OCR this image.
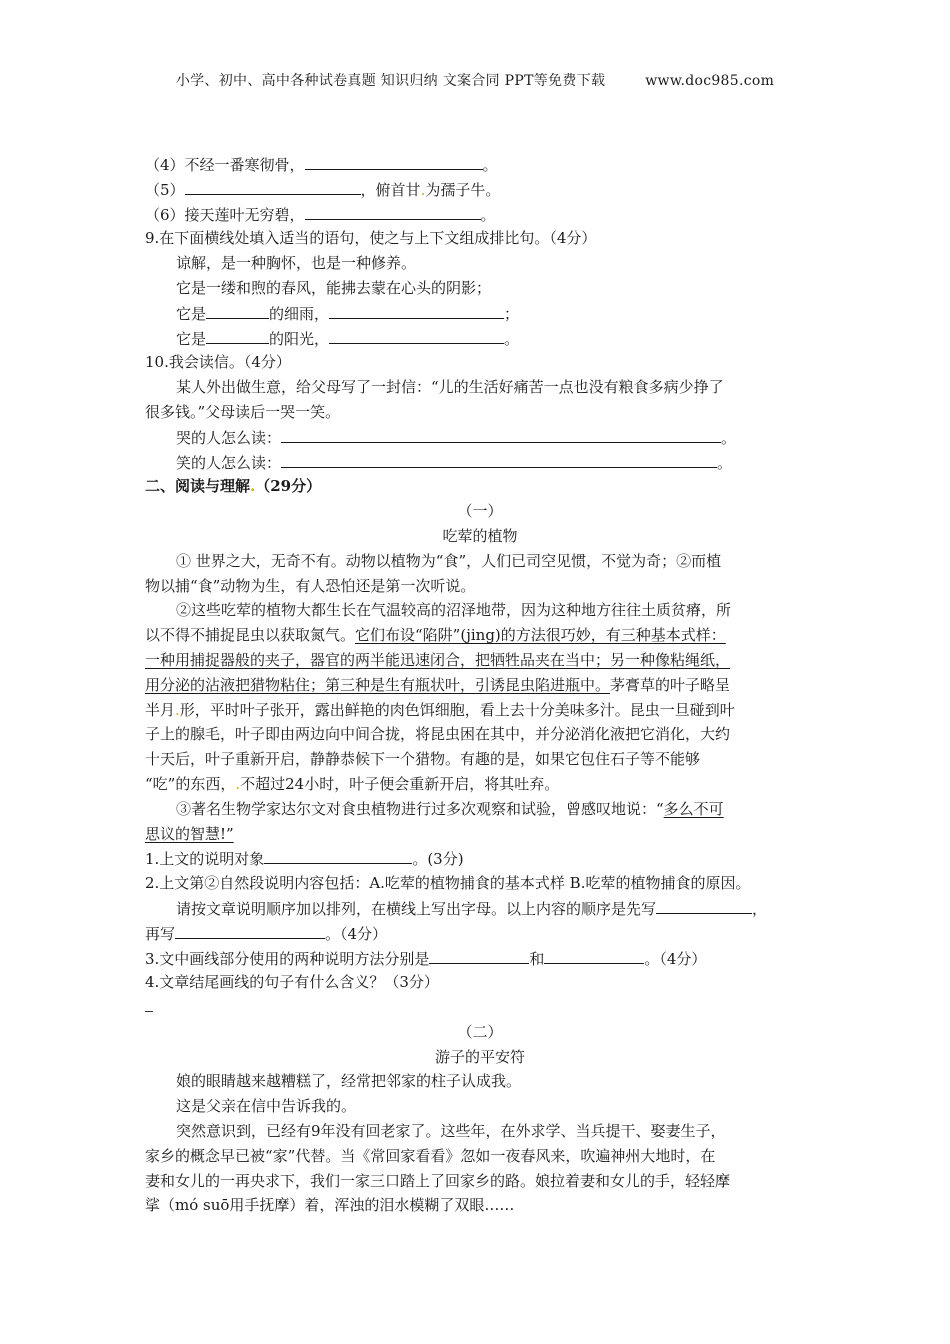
小学、初中、高中各种试卷真题 知识归纳 文案合同 PPT等免费下载	www.doc985.com
（4）不经一番寒彻骨，	。
（5）	，俯首甘.为孺子牛。
（6）接天莲叶无穷碧，	。
9.在下面横线处填入适当的语句，使之与上下文组成排比句。（4分）
谅解，是一种胸怀，也是一种修养。
它是一缕和煦的春风，能拂去蒙在心头的阴影；
它是	的细雨，	；
它是	的阳光，	。
10.我会读信。（4分）
某人外出做生意，给父母写了一封信：“儿的生活好痛苦一点也没有粮食多病少挣了
很多钱。”父母读后一哭一笑。
哭的人怎么读：	。
笑的人怎么读：	。
二、阅读与理解.（29分）
（一）
吃荤的植物
① 世界之大，无奇不有。动物以植物为“食”，人们已司空见惯，不觉为奇；②而植
物以捕“食”动物为生，有人恐怕还是第一次听说。
②这些吃荤的植物大都生长在气温较高的沼泽地带，因为这种地方往往土质贫瘠，所
以不得不捕捉昆虫以获取氮气。它们布设“陷阱”(jing)的方法很巧妙，有三种基本式样：
一种用捕捉器般的夹子，器官的两半能迅速闭合，把牺牲品夹在当中；另一种像粘绳纸，
用分泌的沾液把猎物粘住；第三种是生有瓶状叶，引诱昆虫陷进瓶中。茅膏草的叶子略呈
半月.形，平时叶子张开，露出鲜艳的肉色饵细胞，看上去十分美味多汁。昆虫一旦碰到叶
子上的腺毛，叶子即由两边向中间合拢，将昆虫困在其中，并分泌消化液把它消化，大约
十天后，叶子重新开启，静静恭候下一个猎物。有趣的是，如果它包住石子等不能够
“吃”的东西，.不超过24小时，叶子便会重新开启，将其吐弃。
③著名生物学家达尔文对食虫植物进行过多次观察和试验，曾感叹地说：“多么不可
思议的智慧!”
1.上文的说明对象	。(3分)
2.上文第②自然段说明内容包括：A.吃荤的植物捕食的基本式样 B.吃荤的植物捕食的原因。
请按文章说明顺序加以排列，在横线上写出字母。以上内容的顺序是先写	，
再写	。（4分）
3.文中画线部分使用的两种说明方法分别是	和	。（4分）
4.文章结尾画线的句子有什么含义？（3分）
（二）
游子的平安符
娘的眼睛越来越糟糕了，经常把邻家的柱子认成我。
这是父亲在信中告诉我的。
突然意识到，已经有9年没有回老家了。这些年，在外求学、当兵提干、娶妻生子，
家乡的概念早已被“家”代替。当《常回家看看》忽如一夜春风来，吹遍神州大地时，在
妻和女儿的一再央求下，我们一家三口踏上了回家乡的路。娘拉着妻和女儿的手，轻轻摩
挲（mó suō用手抚摩）着，浑浊的泪水模糊了双眼……
